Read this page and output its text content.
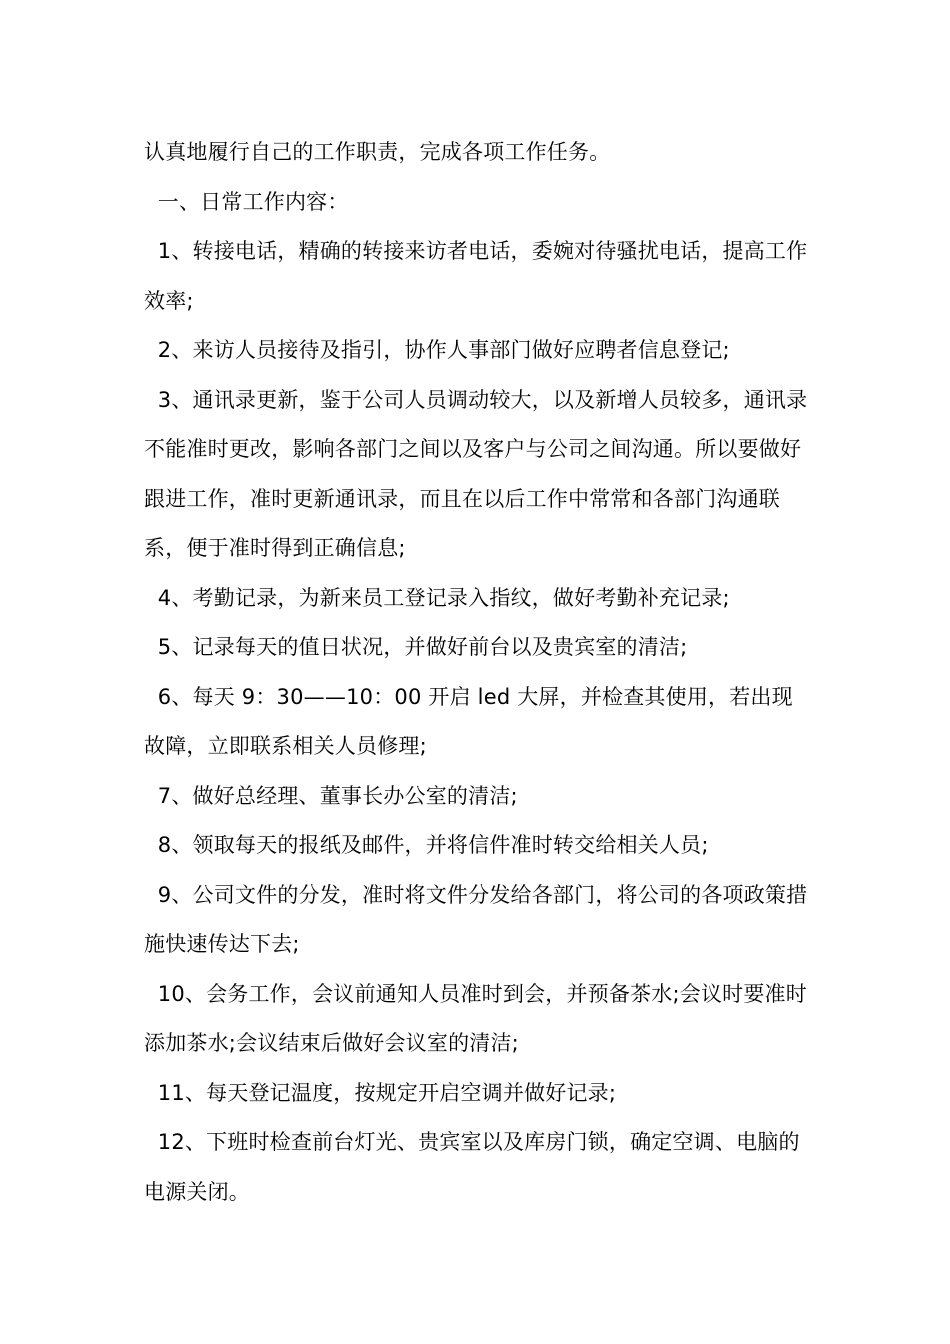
认真地履行自己的工作职责，完成各项工作任务。

一、日常工作内容：

1、转接电话，精确的转接来访者电话，委婉对待骚扰电话，提高工作效率;

2、来访人员接待及指引，协作人事部门做好应聘者信息登记;

3、通讯录更新，鉴于公司人员调动较大，以及新增人员较多，通讯录不能准时更改，影响各部门之间以及客户与公司之间沟通。所以要做好跟进工作，准时更新通讯录，而且在以后工作中常常和各部门沟通联系，便于准时得到正确信息;

4、考勤记录，为新来员工登记录入指纹，做好考勤补充记录;

5、记录每天的值日状况，并做好前台以及贵宾室的清洁;

6、每天 9：30——10：00 开启 led 大屏，并检查其使用，若出现故障，立即联系相关人员修理;

7、做好总经理、董事长办公室的清洁;

8、领取每天的报纸及邮件，并将信件准时转交给相关人员;

9、公司文件的分发，准时将文件分发给各部门，将公司的各项政策措施快速传达下去;

10、会务工作，会议前通知人员准时到会，并预备茶水;会议时要准时添加茶水;会议结束后做好会议室的清洁;

11、每天登记温度，按规定开启空调并做好记录;

12、下班时检查前台灯光、贵宾室以及库房门锁，确定空调、电脑的电源关闭。
